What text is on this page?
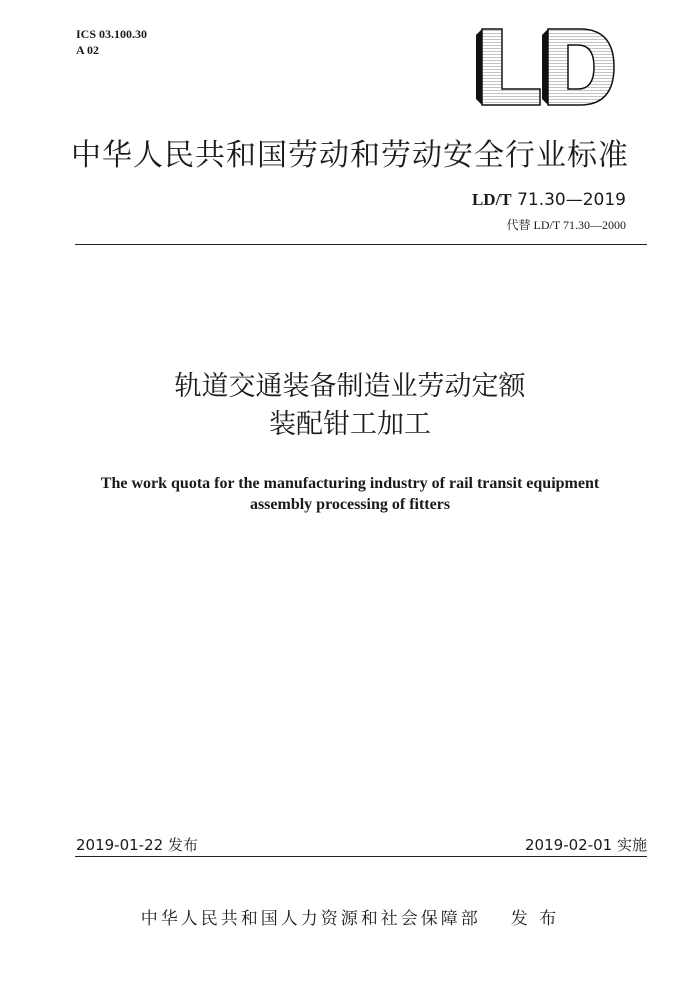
ICS 03.100.30
A 02
LD
中华人民共和国劳动和劳动安全行业标准
LD/T 71.30—2019
代替 LD/T 71.30—2000
轨道交通装备制造业劳动定额
装配钳工加工
The work quota for the manufacturing industry of rail transit equipment
assembly processing of fitters
2019-01-22 发布	2019-02-01 实施
中华人民共和国人力资源和社会保障部 发 布
